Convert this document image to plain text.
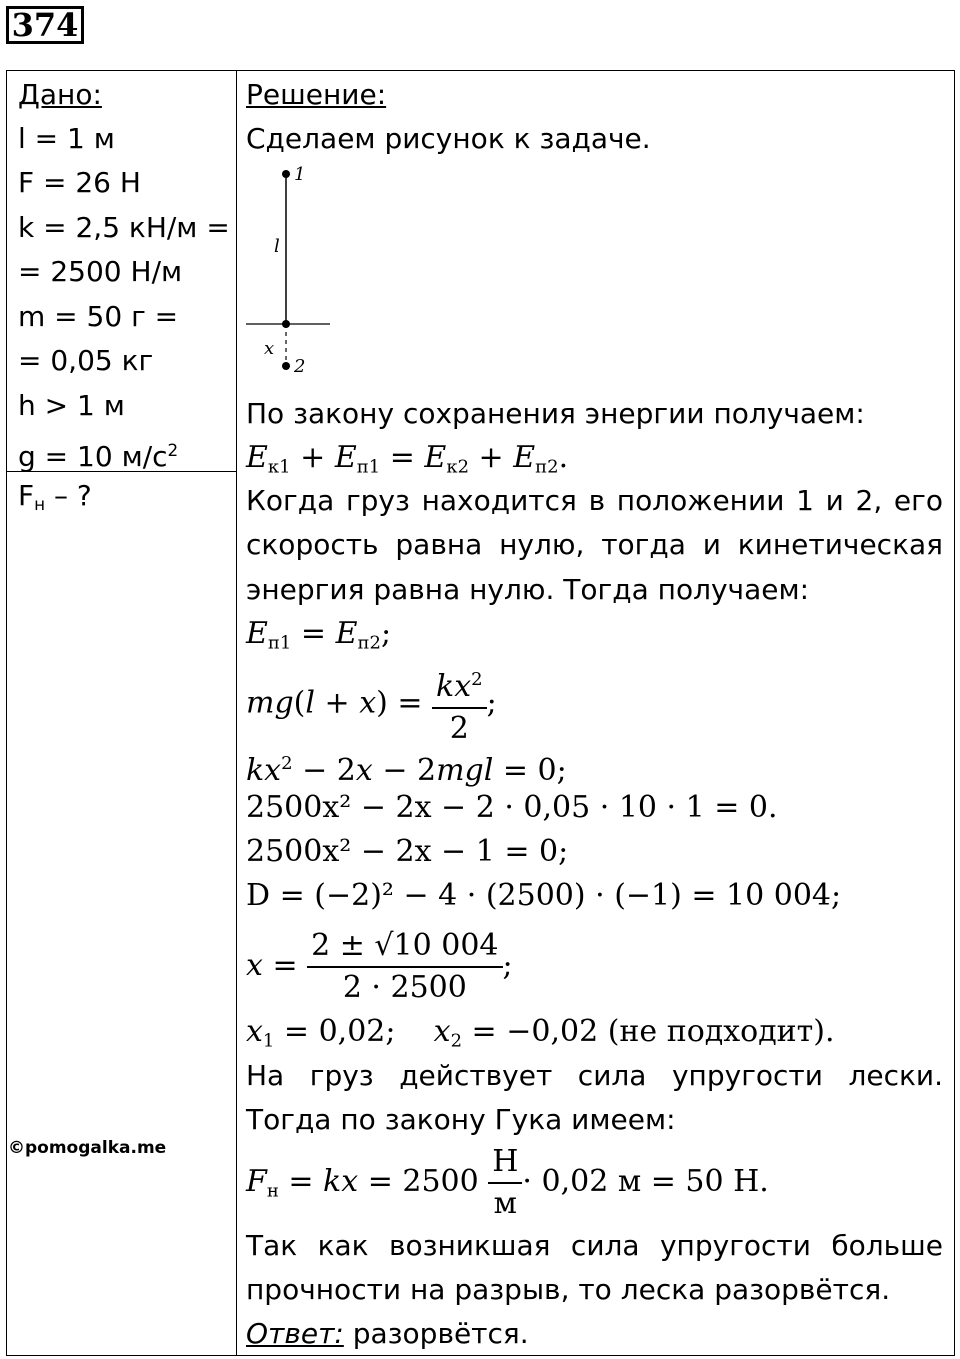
374
Дано:
l = 1 м
F = 26 Н
k = 2,5 кН/м =
= 2500 Н/м
m = 50 г =
= 0,05 кг
h > 1 м
g = 10 $м/с^2$
$F_н$ – ?
©pomogalka.me
Решение:
Сделаем рисунок к задаче.
1
l
x
2
По закону сохранения энергии получаем:
$E_{к1} + E_{п1} = E_{к2} + E_{п2}$.
Когда груз находится в положении 1 и 2, его
скорость равна нулю, тогда и кинетическая
энергия равна нулю. Тогда получаем:
$E_{п1} = E_{п2}$;
$mg(l + x) = \frac{kx^2}{2}$ ;
$kx^2 - 2x - 2mgl = 0$;
2500x² − 2x − 2 · 0,05 · 10 · 1 = 0.
2500x² − 2x − 1 = 0;
D = (−2)² − 4 · (2500) · (−1) = 10 004;
$x = \frac{2 \pm √10 004}{2 \cdot 2500}$ ;
$x_1 = 0,02$;    $x_2 = -0,02$ (не подходит).
На груз действует сила упругости лески.
Тогда по закону Гука имеем:
$F_н$ = kx = $2500 \frac{Н}{м} \cdot 0,02$ м = 50 Н.
Так как возникшая сила упругости больше
прочности на разрыв, то леска разорвётся.
Ответ: разорвётся.
